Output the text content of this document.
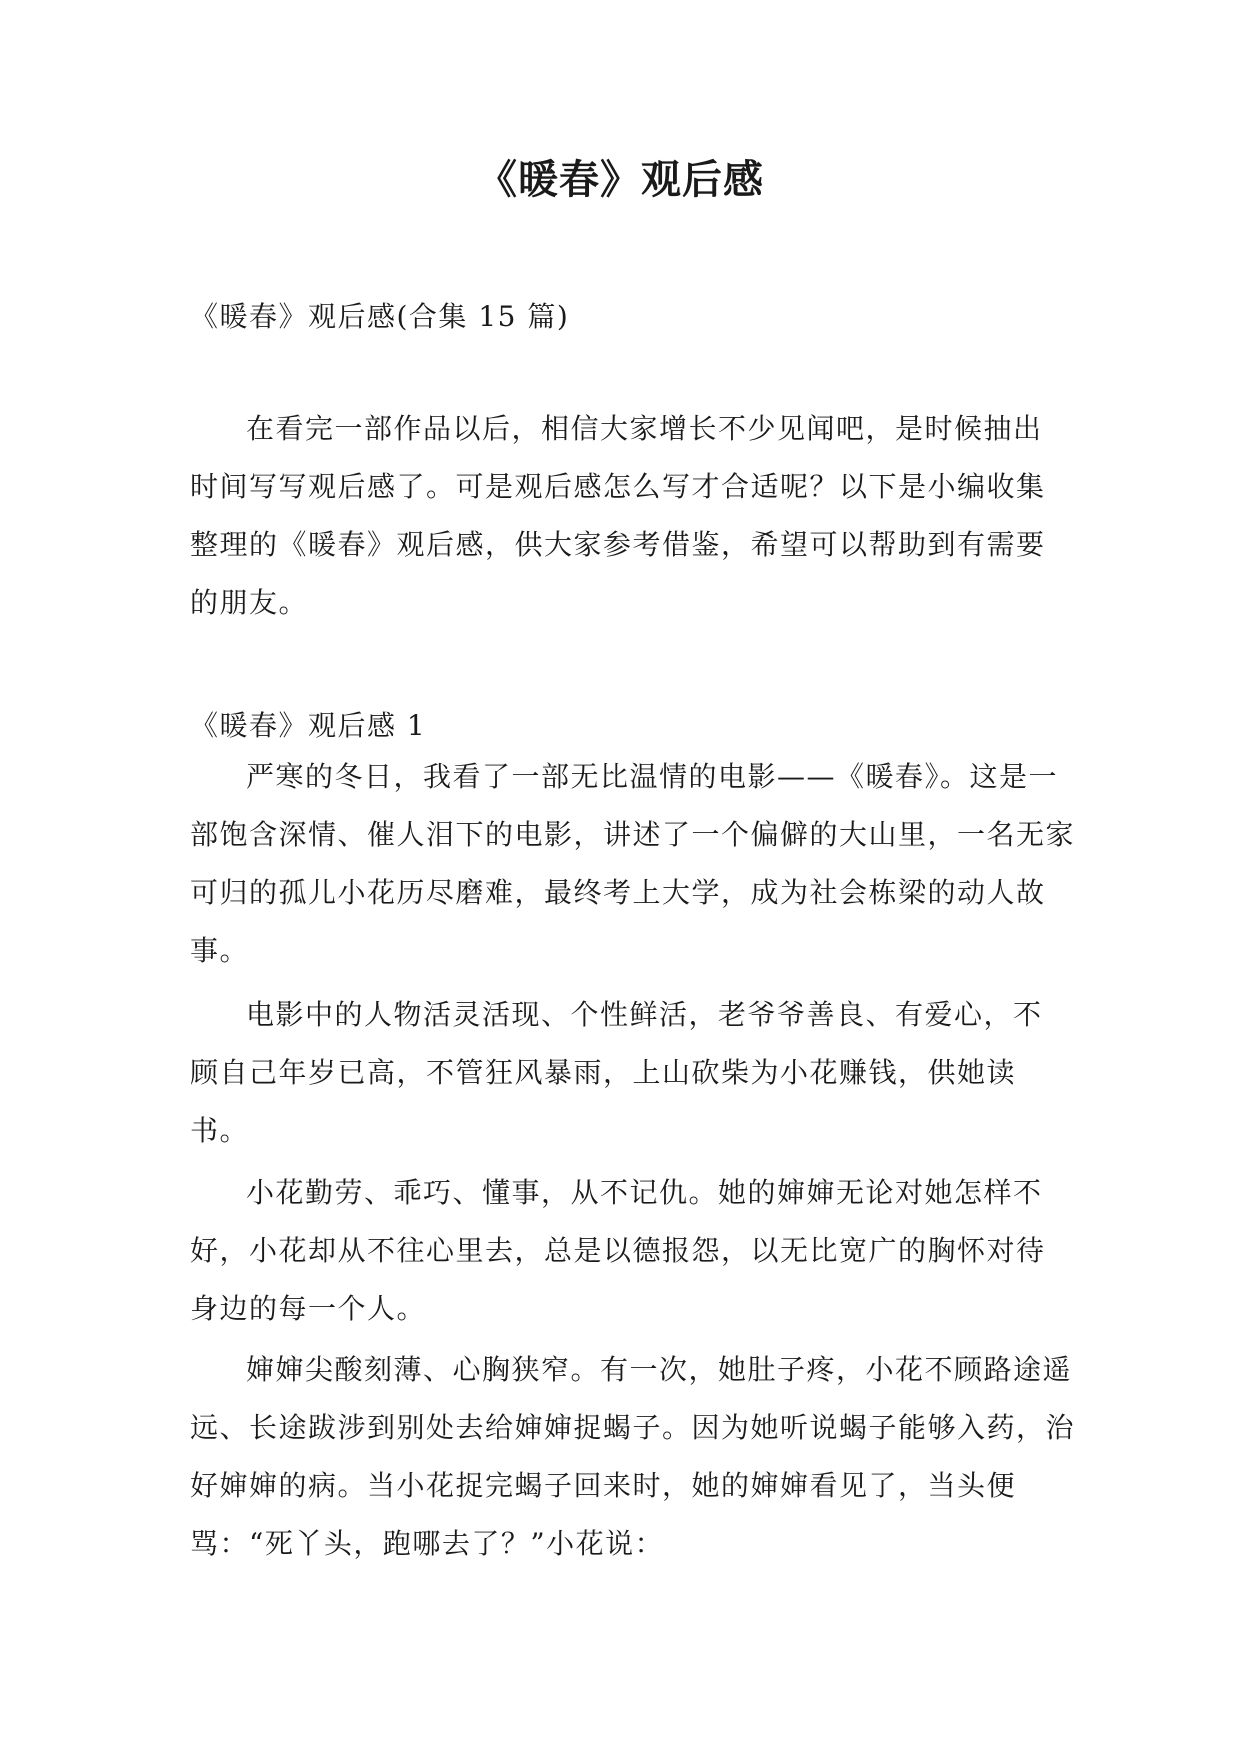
《暖春》观后感

《暖春》观后感(合集 15 篇)

在看完一部作品以后，相信大家增长不少见闻吧，是时候抽出时间写写观后感了。可是观后感怎么写才合适呢？以下是小编收集整理的《暖春》观后感，供大家参考借鉴，希望可以帮助到有需要的朋友。

《暖春》观后感 1

严寒的冬日，我看了一部无比温情的电影——《暖春》。这是一部饱含深情、催人泪下的电影，讲述了一个偏僻的大山里，一名无家可归的孤儿小花历尽磨难，最终考上大学，成为社会栋梁的动人故事。

电影中的人物活灵活现、个性鲜活，老爷爷善良、有爱心，不顾自己年岁已高，不管狂风暴雨，上山砍柴为小花赚钱，供她读书。

小花勤劳、乖巧、懂事，从不记仇。她的婶婶无论对她怎样不好，小花却从不往心里去，总是以德报怨，以无比宽广的胸怀对待身边的每一个人。

婶婶尖酸刻薄、心胸狭窄。有一次，她肚子疼，小花不顾路途遥远、长途跋涉到别处去给婶婶捉蝎子。因为她听说蝎子能够入药，治好婶婶的病。当小花捉完蝎子回来时，她的婶婶看见了，当头便骂：“死丫头，跑哪去了？”小花说：
